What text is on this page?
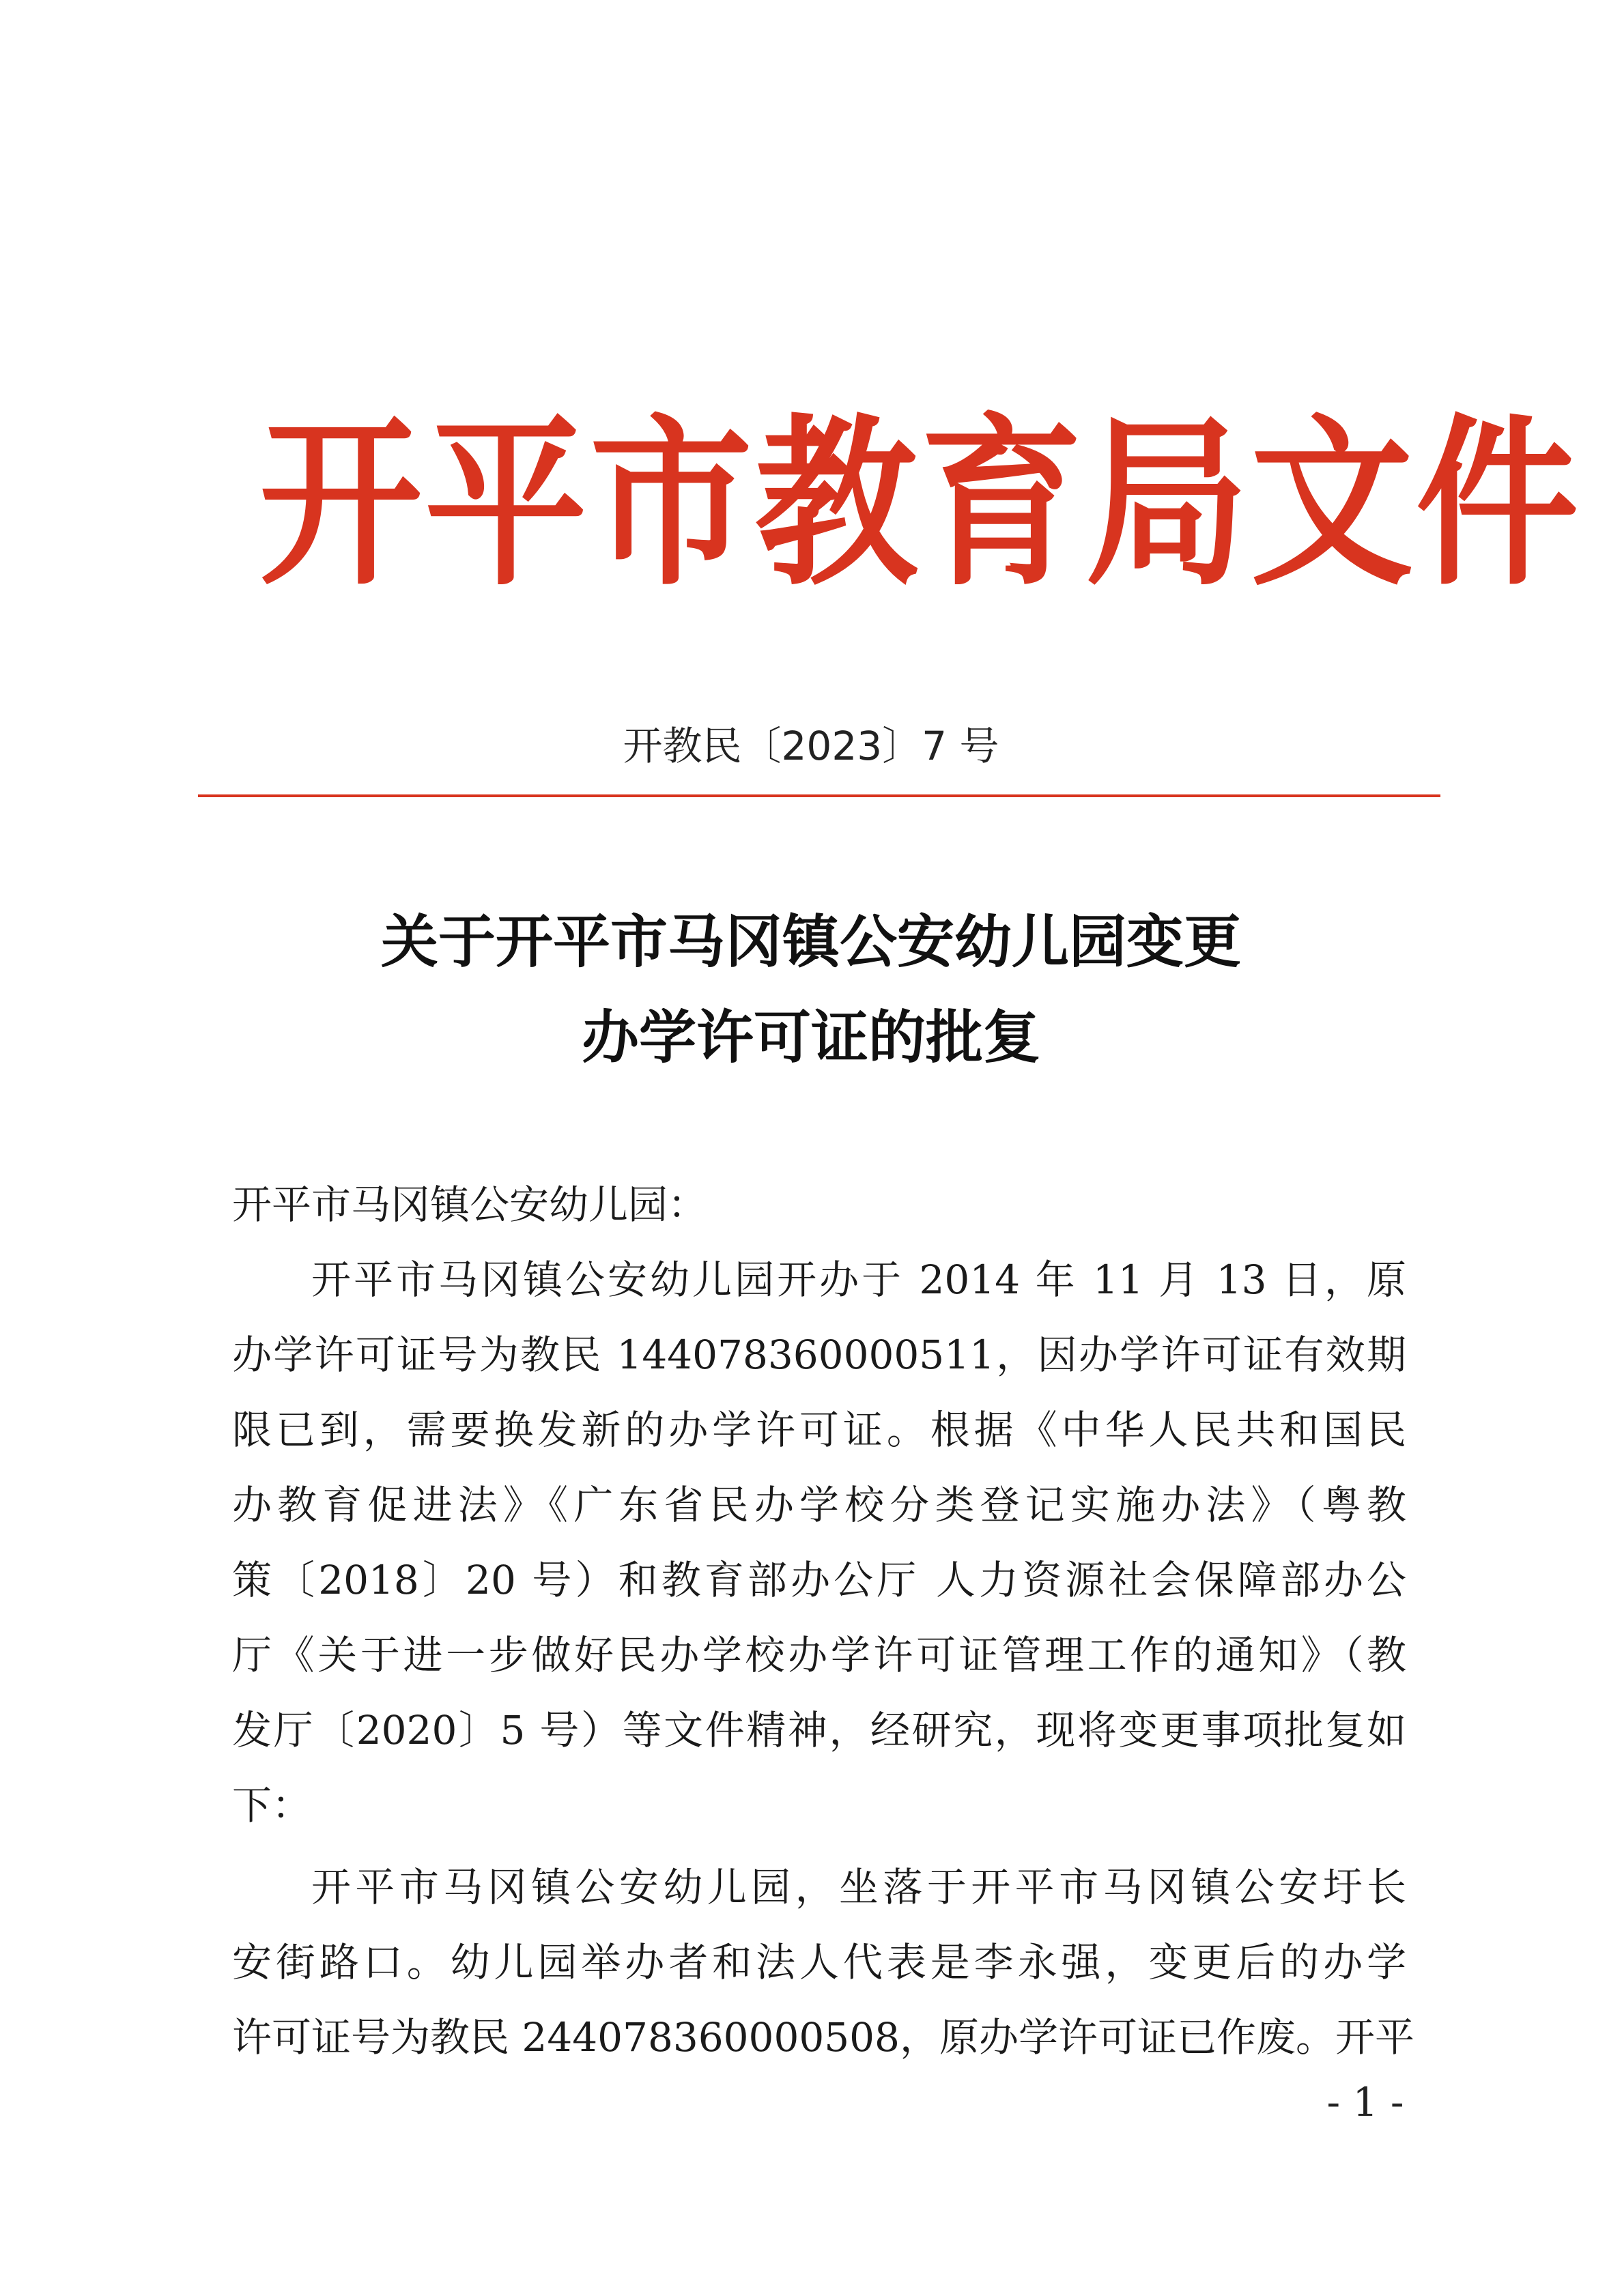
开平市教育局文件
开教民〔2023〕7 号
关于开平市马冈镇公安幼儿园变更
办学许可证的批复
开平市马冈镇公安幼儿园：
开平市马冈镇公安幼儿园开办于 2014 年 11 月 13 日，原
办学许可证号为教民 144078360000511，因办学许可证有效期
限已到，需要换发新的办学许可证。根据《中华人民共和国民
办教育促进法》《广东省民办学校分类登记实施办法》（粤教
策〔2018〕20 号）和教育部办公厅 人力资源社会保障部办公
厅《关于进一步做好民办学校办学许可证管理工作的通知》（教
发厅〔2020〕5 号）等文件精神，经研究，现将变更事项批复如
下：
开平市马冈镇公安幼儿园，坐落于开平市马冈镇公安圩长
安街路口。幼儿园举办者和法人代表是李永强，变更后的办学
许可证号为教民 244078360000508，原办学许可证已作废。开平
- 1 -
